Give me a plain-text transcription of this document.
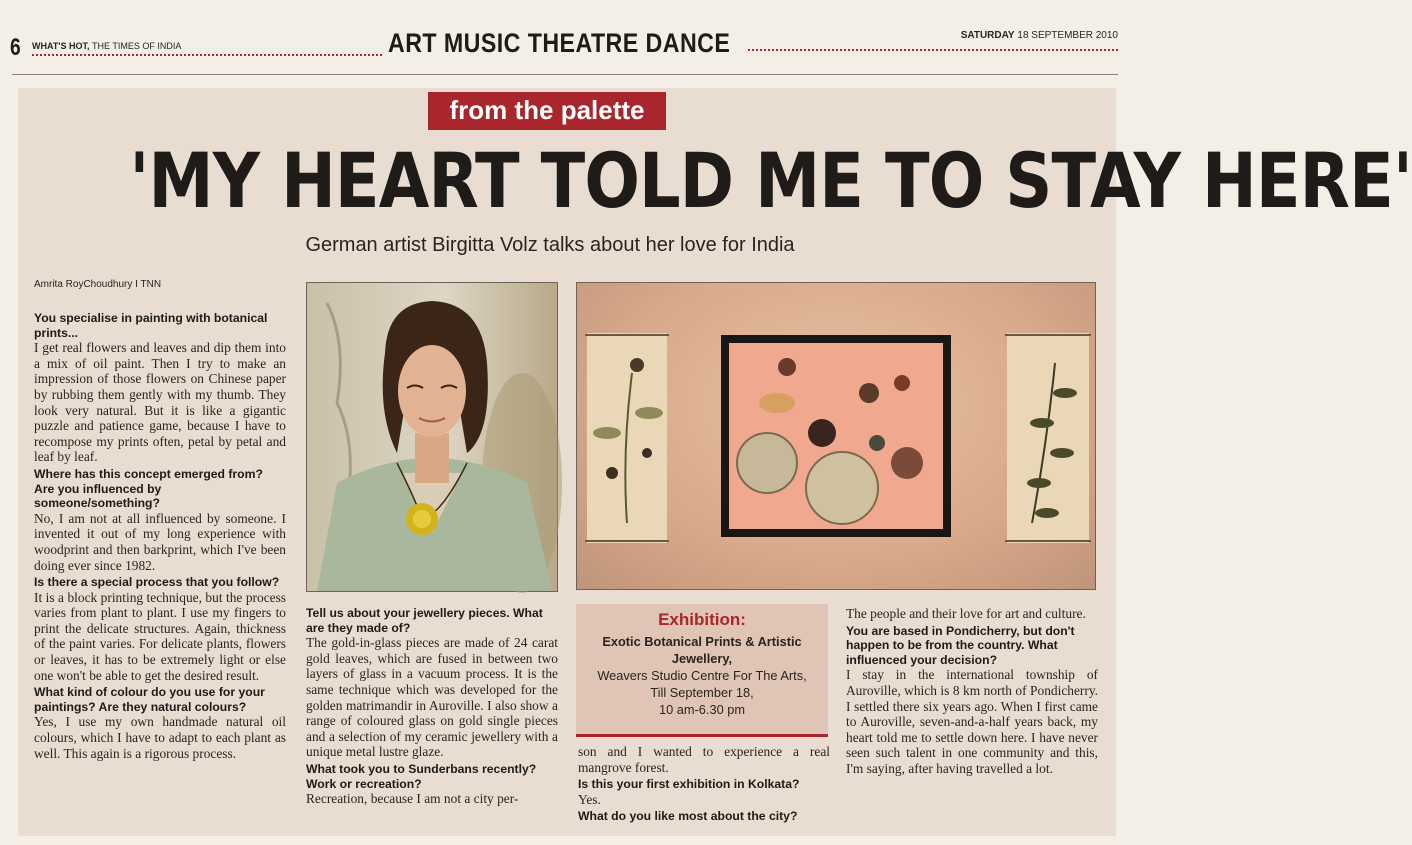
6 WHAT'S HOT, THE TIMES OF INDIA	ART MUSIC THEATRE DANCE	SATURDAY 18 SEPTEMBER 2010
from the palette
'MY HEART TOLD ME TO STAY HERE'
German artist Birgitta Volz talks about her love for India
Amrita RoyChoudhury I TNN

You specialise in painting with botanical prints...

I get real flowers and leaves and dip them into a mix of oil paint. Then I try to make an impression of those flowers on Chinese paper by rubbing them gently with my thumb. They look very natural. But it is like a gigantic puzzle and patience game, because I have to recompose my prints often, petal by petal and leaf by leaf.

Where has this concept emerged from? Are you influenced by someone/something?

No, I am not at all influenced by someone. I invented it out of my long experience with woodprint and then barkprint, which I've been doing ever since 1982.

Is there a special process that you follow?

It is a block printing technique, but the process varies from plant to plant. I use my fingers to print the delicate structures. Again, thickness of the paint varies. For delicate plants, flowers or leaves, it has to be extremely light or else one won't be able to get the desired result.

What kind of colour do you use for your paintings? Are they natural colours?

Yes, I use my own handmade natural oil colours, which I have to adapt to each plant as well. This again is a rigorous process.

Tell us about your jewellery pieces. What are they made of?

The gold-in-glass pieces are made of 24 carat gold leaves, which are fused in between two layers of glass in a vacuum process. It is the same technique which was developed for the golden matrimandir in Auroville. I also show a range of coloured glass on gold single pieces and a selection of my ceramic jewellery with a unique metal lustre glaze.

What took you to Sunderbans recently? Work or recreation?

Recreation, because I am not a city per-

Exhibition:
Exotic Botanical Prints & Artistic Jewellery,
Weavers Studio Centre For The Arts,
Till September 18,
10 am-6.30 pm

son and I wanted to experience a real mangrove forest.

Is this your first exhibition in Kolkata?

Yes.

What do you like most about the city?

The people and their love for art and culture.

You are based in Pondicherry, but don't happen to be from the country. What influenced your decision?

I stay in the international township of Auroville, which is 8 km north of Pondicherry. I settled there six years ago. When I first came to Auroville, seven-and-a-half years back, my heart told me to settle down here. I have never seen such talent in one community and this, I'm saying, after having travelled a lot.
